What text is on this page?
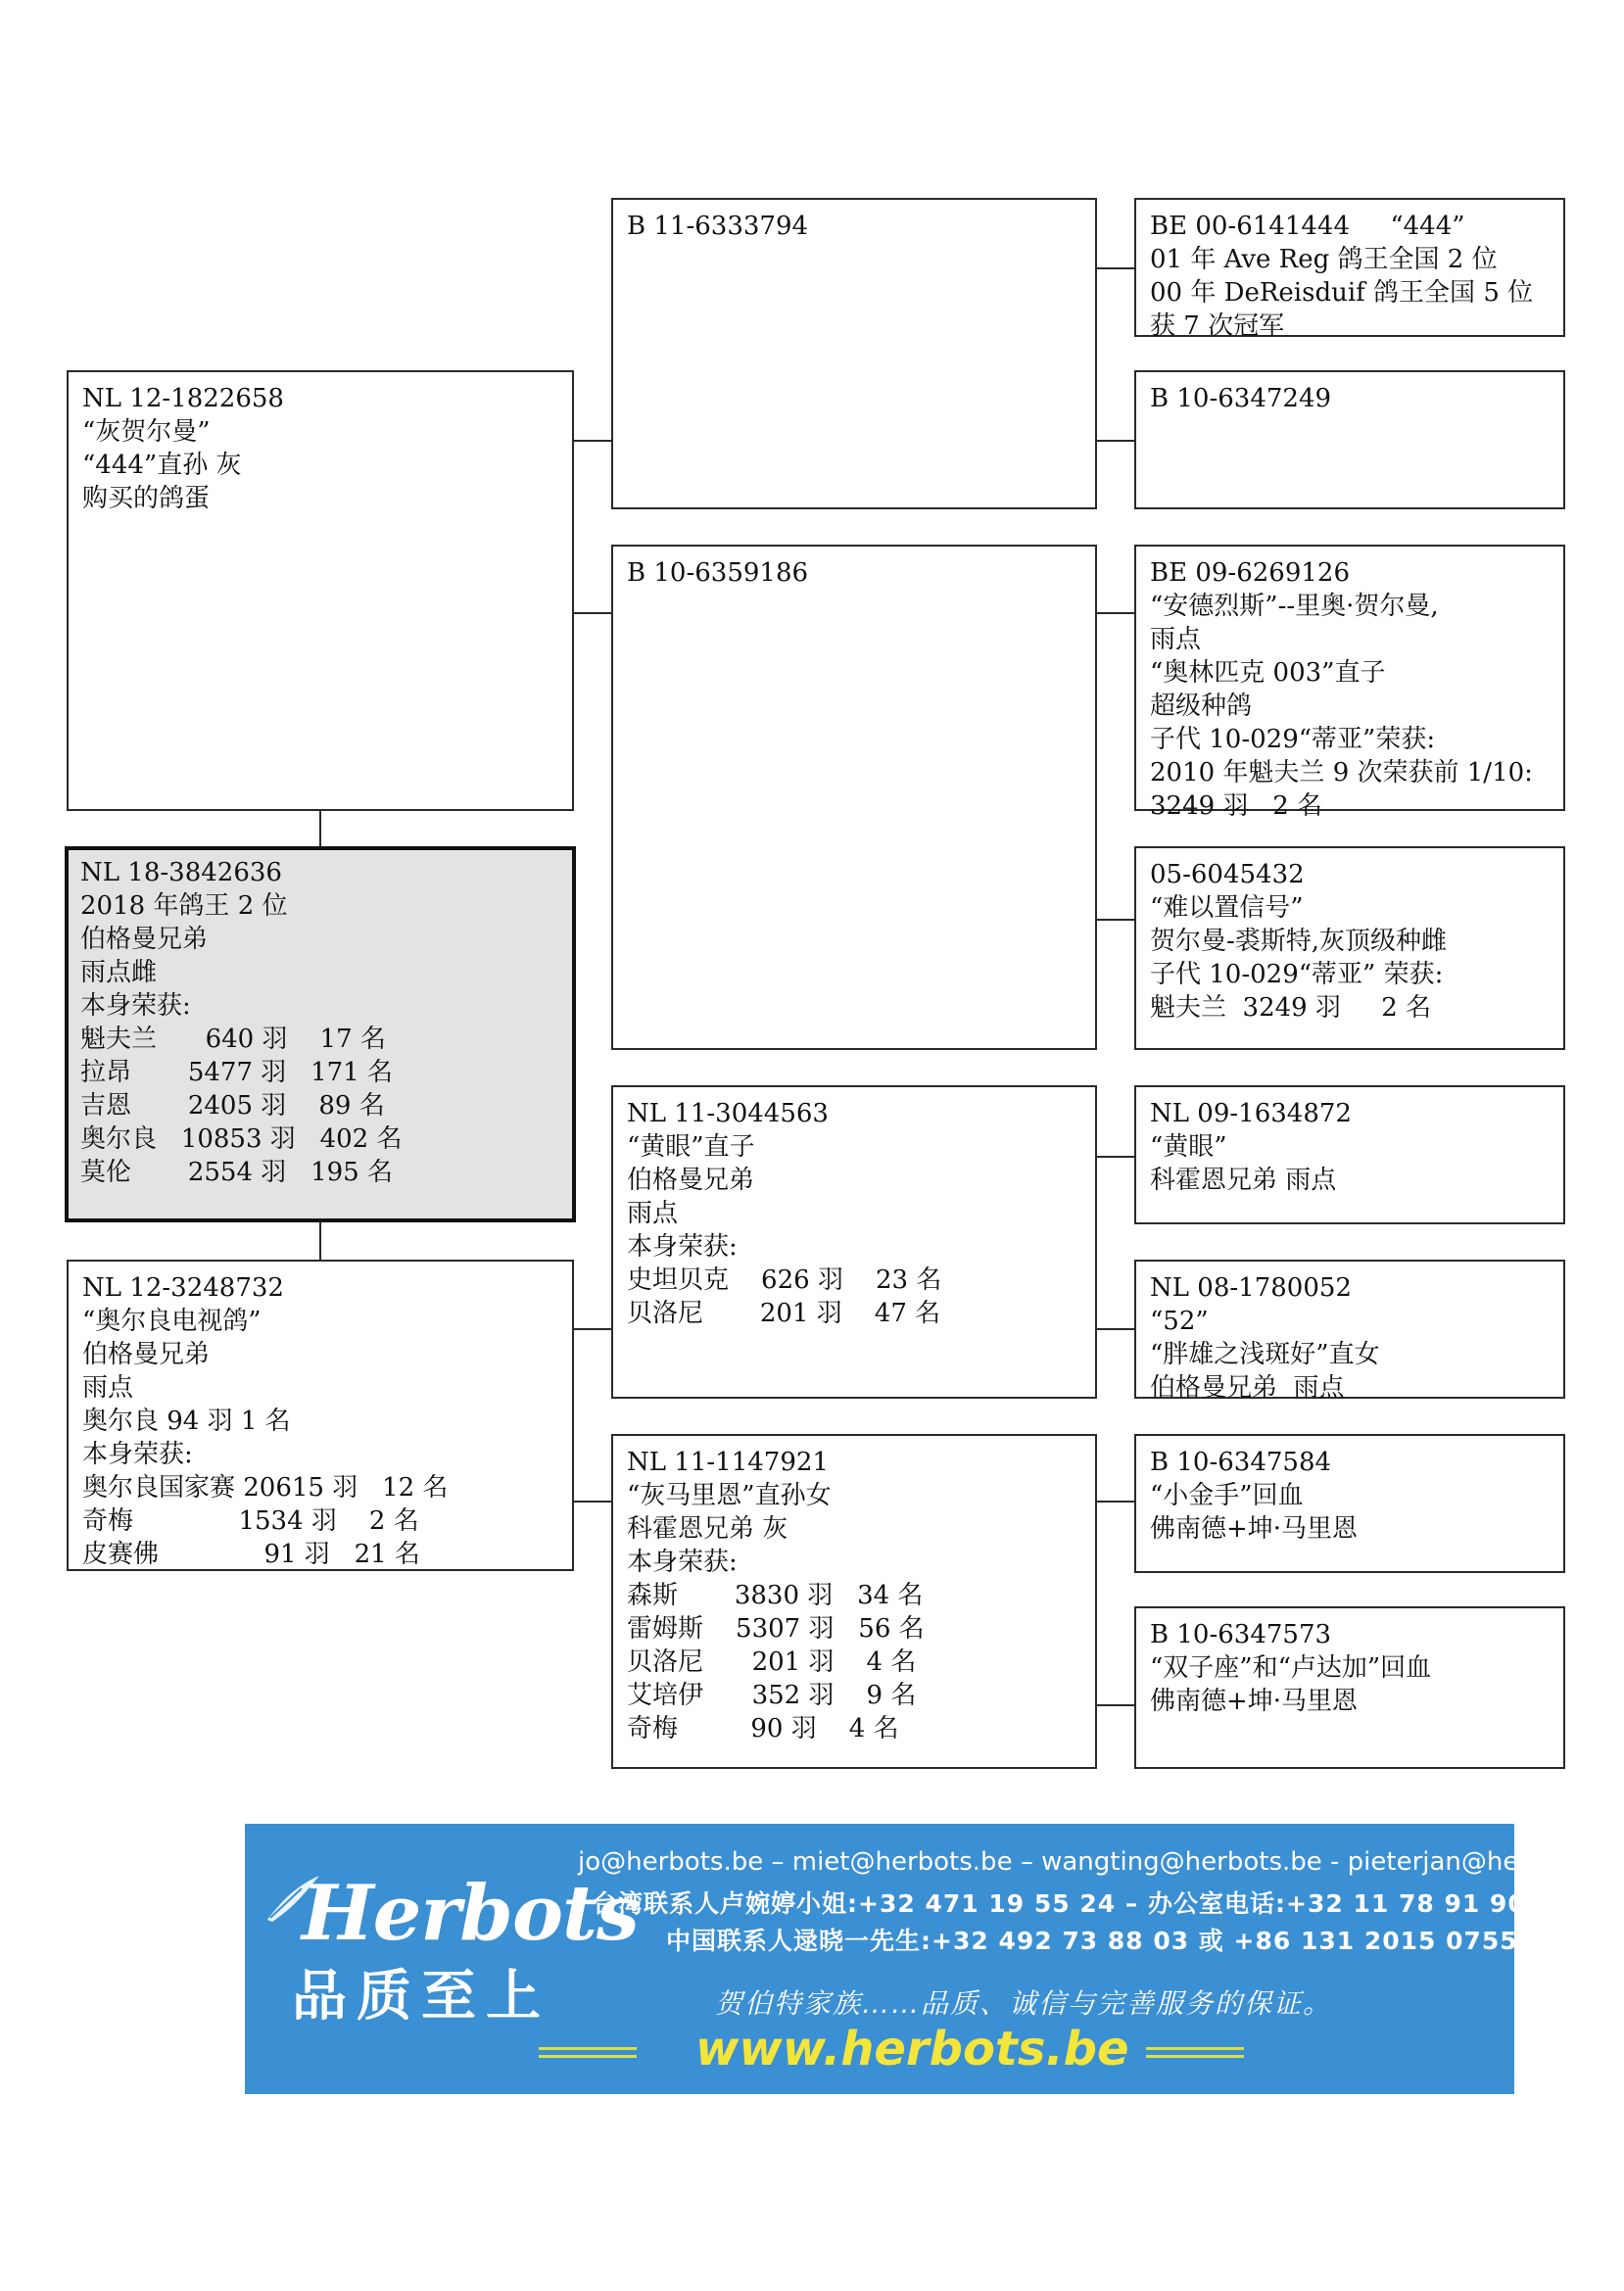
NL 12-1822658
“灰贺尔曼”
“444”直孙 灰
购买的鸽蛋
NL 18-3842636
2018 年鸽王 2 位
伯格曼兄弟
雨点雌
本身荣获:
魁夫兰      640 羽    17 名
拉昂       5477 羽   171 名
吉恩       2405 羽    89 名
奥尔良   10853 羽   402 名
莫伦       2554 羽   195 名
NL 12-3248732
“奥尔良电视鸽”
伯格曼兄弟
雨点
奥尔良 94 羽 1 名
本身荣获:
奥尔良国家赛 20615 羽   12 名
奇梅             1534 羽    2 名
皮赛佛             91 羽   21 名
B 11-6333794
B 10-6359186
NL 11-3044563
“黄眼”直子
伯格曼兄弟
雨点
本身荣获:
史坦贝克    626 羽    23 名
贝洛尼       201 羽    47 名
NL 11-1147921
“灰马里恩”直孙女
科霍恩兄弟 灰
本身荣获:
森斯       3830 羽   34 名
雷姆斯    5307 羽   56 名
贝洛尼      201 羽    4 名
艾培伊      352 羽    9 名
奇梅         90 羽    4 名
BE 00-6141444     “444”
01 年 Ave Reg 鸽王全国 2 位
00 年 DeReisduif 鸽王全国 5 位
获 7 次冠军
B 10-6347249
BE 09-6269126
“安德烈斯”--里奥·贺尔曼,
雨点
“奥林匹克 003”直子
超级种鸽
子代 10-029“蒂亚”荣获:
2010 年魁夫兰 9 次荣获前 1/10:
3249 羽   2 名
05-6045432
“难以置信号”
贺尔曼-裘斯特,灰顶级种雌
子代 10-029“蒂亚” 荣获:
魁夫兰  3249 羽     2 名
NL 09-1634872
“黄眼”
科霍恩兄弟 雨点
NL 08-1780052
“52”
“胖雄之浅斑好”直女
伯格曼兄弟  雨点
B 10-6347584
“小金手”回血
佛南德+坤·马里恩
B 10-6347573
“双子座”和“卢达加”回血
佛南德+坤·马里恩
Herbots
品质至上
jo@herbots.be – miet@herbots.be – wangting@herbots.be - pieterjan@herbots.be
台湾联系人卢婉婷小姐:+32 471 19 55 24 – 办公室电话:+32 11 78 91 90
中国联系人逯晓一先生:+32 492 73 88 03 或 +86 131 2015 0755
贺伯特家族……品质、诚信与完善服务的保证。
www.herbots.be
